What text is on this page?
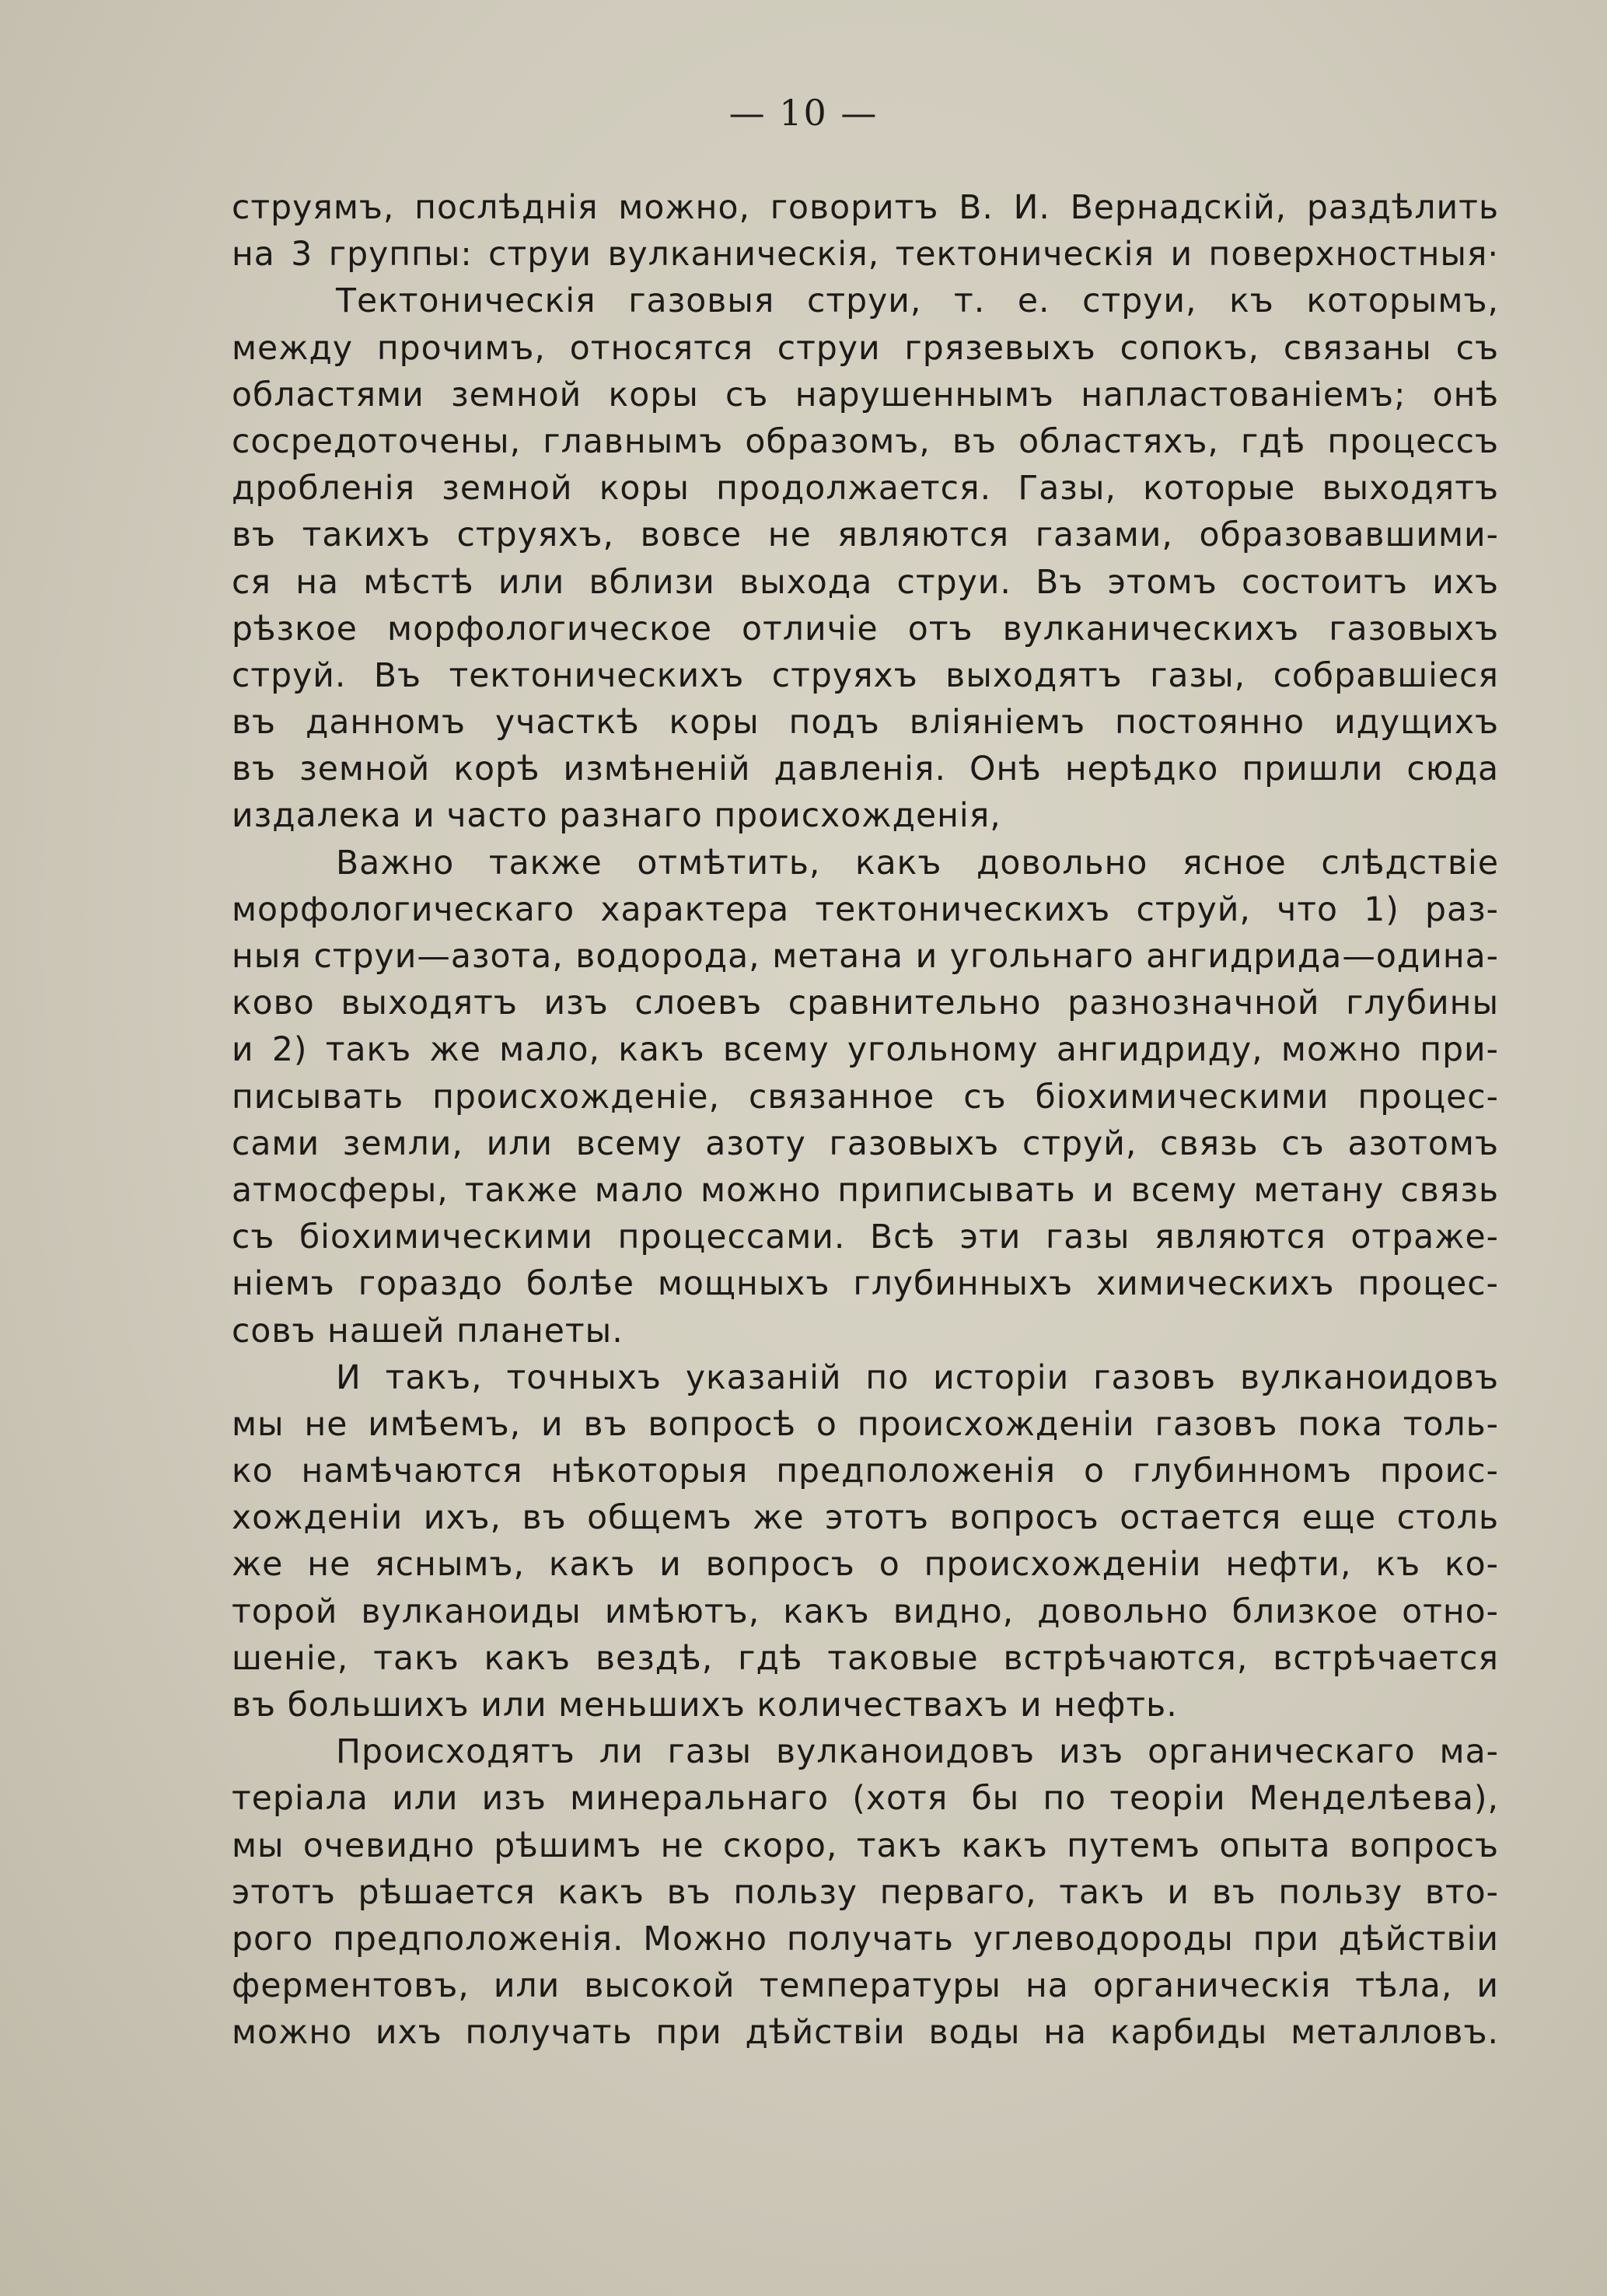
— 10 —
струямъ, послѣднія можно, говоритъ В. И. Вернадскій, раздѣлить
на 3 группы: струи вулканическія, тектоническія и поверхностныя·
Тектоническія газовыя струи, т. е. струи, къ которымъ,
между прочимъ, относятся струи грязевыхъ сопокъ, связаны съ
областями земной коры съ нарушеннымъ напластованіемъ; онѣ
сосредоточены, главнымъ образомъ, въ областяхъ, гдѣ процессъ
дробленія земной коры продолжается. Газы, которые выходятъ
въ такихъ струяхъ, вовсе не являются газами, образовавшими-
ся на мѣстѣ или вблизи выхода струи. Въ этомъ состоитъ ихъ
рѣзкое морфологическое отличіе отъ вулканическихъ газовыхъ
струй. Въ тектоническихъ струяхъ выходятъ газы, собравшіеся
въ данномъ участкѣ коры подъ вліяніемъ постоянно идущихъ
въ земной корѣ измѣненій давленія. Онѣ нерѣдко пришли сюда
издалека и часто разнаго происхожденія,
Важно также отмѣтить, какъ довольно ясное слѣдствіе
морфологическаго характера тектоническихъ струй, что 1) раз-
ныя струи—азота, водорода, метана и угольнаго ангидрида—одина-
ково выходятъ изъ слоевъ сравнительно разнозначной глубины
и 2) такъ же мало, какъ всему угольному ангидриду, можно при-
писывать происхожденіе, связанное съ біохимическими процес-
сами земли, или всему азоту газовыхъ струй, связь съ азотомъ
атмосферы, также мало можно приписывать и всему метану связь
съ біохимическими процессами. Всѣ эти газы являются отраже-
ніемъ гораздо болѣе мощныхъ глубинныхъ химическихъ процес-
совъ нашей планеты.
И такъ, точныхъ указаній по исторіи газовъ вулканоидовъ
мы не имѣемъ, и въ вопросѣ о происхожденіи газовъ пока толь-
ко намѣчаются нѣкоторыя предположенія о глубинномъ проис-
хожденіи ихъ, въ общемъ же этотъ вопросъ остается еще столь
же не яснымъ, какъ и вопросъ о происхожденіи нефти, къ ко-
торой вулканоиды имѣютъ, какъ видно, довольно близкое отно-
шеніе, такъ какъ вездѣ, гдѣ таковые встрѣчаются, встрѣчается
въ большихъ или меньшихъ количествахъ и нефть.
Происходятъ ли газы вулканоидовъ изъ органическаго ма-
теріала или изъ минеральнаго (хотя бы по теоріи Менделѣева),
мы очевидно рѣшимъ не скоро, такъ какъ путемъ опыта вопросъ
этотъ рѣшается какъ въ пользу перваго, такъ и въ пользу вто-
рого предположенія. Можно получать углеводороды при дѣйствіи
ферментовъ, или высокой температуры на органическія тѣла, и
можно ихъ получать при дѣйствіи воды на карбиды металловъ.
